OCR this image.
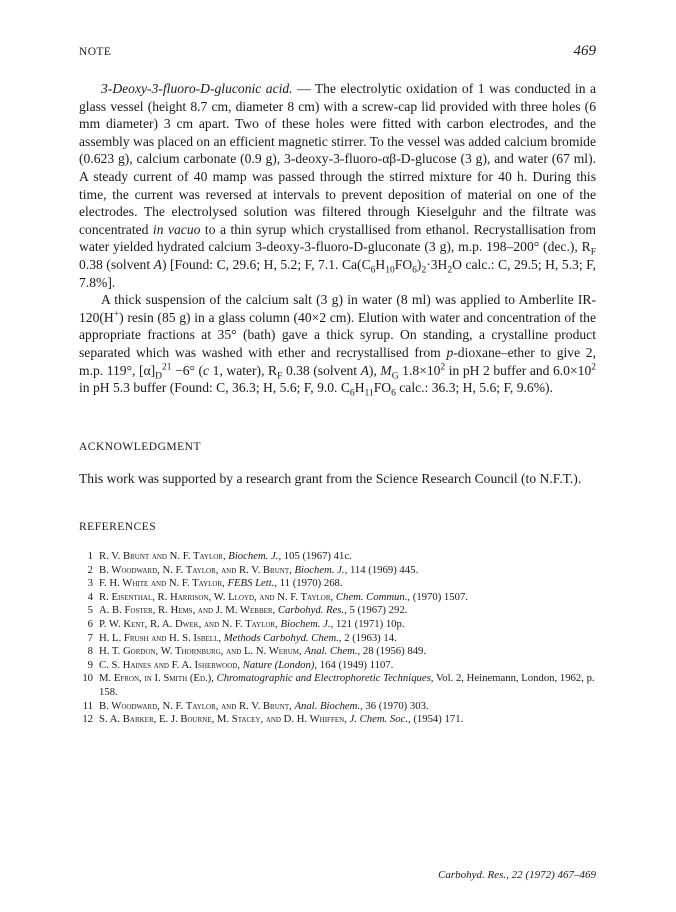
NOTE	469

3-Deoxy-3-fluoro-D-gluconic acid. — The electrolytic oxidation of 1 was conducted in a glass vessel (height 8.7 cm, diameter 8 cm) with a screw-cap lid provided with three holes (6 mm diameter) 3 cm apart. Two of these holes were fitted with carbon electrodes, and the assembly was placed on an efficient magnetic stirrer. To the vessel was added calcium bromide (0.623 g), calcium carbonate (0.9 g), 3-deoxy-3-fluoro-αβ-D-glucose (3 g), and water (67 ml). A steady current of 40 mamp was passed through the stirred mixture for 40 h. During this time, the current was reversed at intervals to prevent deposition of material on one of the electrodes. The electrolysed solution was filtered through Kieselguhr and the filtrate was concentrated in vacuo to a thin syrup which crystallised from ethanol. Recrystallisation from water yielded hydrated calcium 3-deoxy-3-fluoro-D-gluconate (3 g), m.p. 198–200° (dec.), $R_F$ 0.38 (solvent A) [Found: C, 29.6; H, 5.2; F, 7.1. $Ca(C_6H_{10}FO_6)_2\cdot 3H_2O$ calc.: C, 29.5; H, 5.3; F, 7.8%].

A thick suspension of the calcium salt (3 g) in water (8 ml) was applied to Amberlite IR-120(H+) resin (85 g) in a glass column (40×2 cm). Elution with water and concentration of the appropriate fractions at 35° (bath) gave a thick syrup. On standing, a crystalline product separated which was washed with ether and recrystallised from p-dioxane–ether to give 2, m.p. 119°, $[\alpha]_D^{21} -6^\circ$ (c 1, water), $R_F$ 0.38 (solvent A), $M_G$ $1.8\times 10^2$ in pH 2 buffer and $6.0\times 10^2$ in pH 5.3 buffer (Found: C, 36.3; H, 5.6; F, 9.0. $C_6H_{11}FO_6$ calc.: 36.3; H, 5.6; F, 9.6%).

ACKNOWLEDGMENT
This work was supported by a research grant from the Science Research Council (to N.F.T.).
REFERENCES
1 R. V. Brunt and N. F. Taylor, Biochem. J., 105 (1967) 41c.
2 B. Woodward, N. F. Taylor, and R. V. Brunt, Biochem. J., 114 (1969) 445.
3 F. H. White and N. F. Taylor, FEBS Lett., 11 (1970) 268.
4 R. Eisenthal, R. Harrison, W. Lloyd, and N. F. Taylor, Chem. Commun., (1970) 1507.
5 A. B. Foster, R. Hems, and J. M. Webber, Carbohyd. Res., 5 (1967) 292.
6 P. W. Kent, R. A. Dwek, and N. F. Taylor, Biochem. J., 121 (1971) 10p.
7 H. L. Frush and H. S. Isbell, Methods Carbohyd. Chem., 2 (1963) 14.
8 H. T. Gordon, W. Thornburg, and L. N. Werum, Anal. Chem., 28 (1956) 849.
9 C. S. Haines and F. A. Isherwood, Nature (London), 164 (1949) 1107.
10 M. Efron, in I. Smith (Ed.), Chromatographic and Electrophoretic Techniques, Vol. 2, Heinemann, London, 1962, p. 158.
11 B. Woodward, N. F. Taylor, and R. V. Brunt, Anal. Biochem., 36 (1970) 303.
12 S. A. Barker, E. J. Bourne, M. Stacey, and D. H. Whiffen, J. Chem. Soc., (1954) 171.
Carbohyd. Res., 22 (1972) 467–469
